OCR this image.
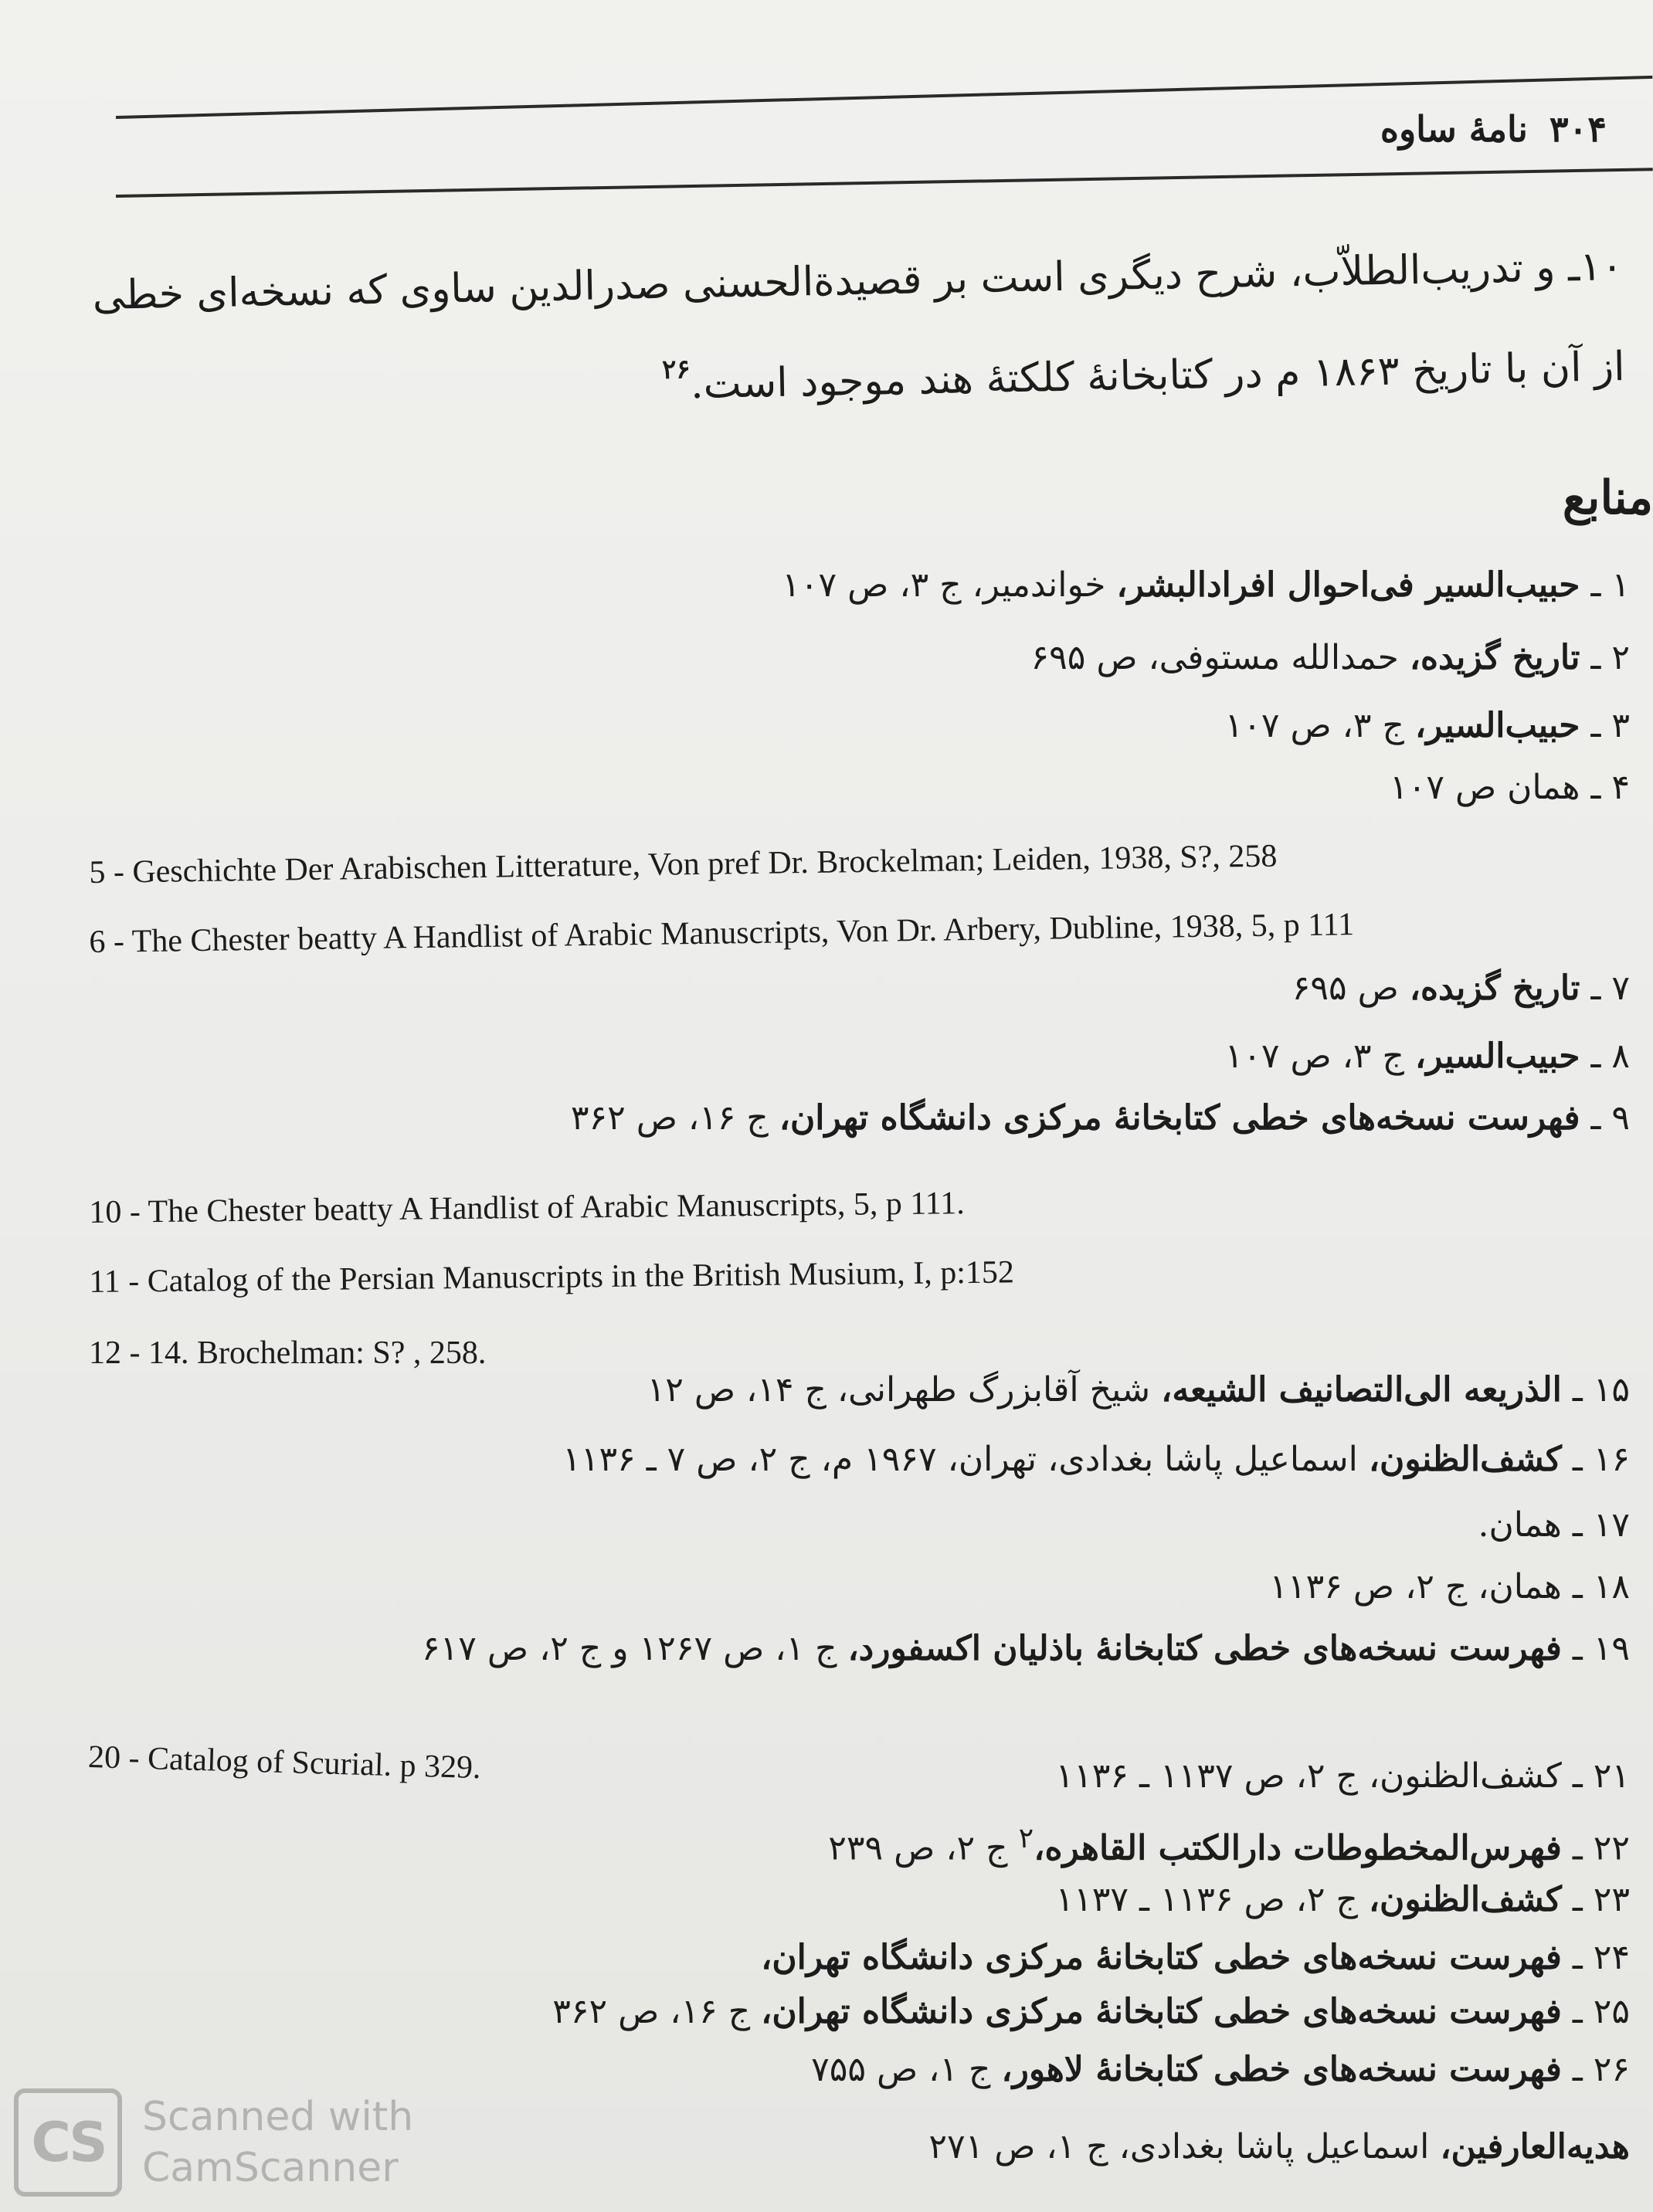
۳۰۴
نامهٔ ساوه
۱۰ـ و تدریب‌الطلاّب، شرح دیگری است بر قصیدةالحسنی صدرالدین ساوی که نسخه‌ای خطی
از آن با تاریخ ۱۸۶۳ م در کتابخانهٔ کلکتهٔ هند موجود است.$^{۲۶}$
منابع
۱ ـ حبیب‌السیر فی‌احوال افرادالبشر، خواندمیر، ج ۳، ص ۱۰۷
۲ ـ تاریخ گزیده، حمدالله مستوفی، ص ۶۹۵
۳ ـ حبیب‌السیر، ج ۳، ص ۱۰۷
۴ ـ همان ص ۱۰۷
5 - Geschichte Der Arabischen Litterature, Von pref Dr. Brockelman; Leiden, 1938, S?, 258
6 - The Chester beatty A Handlist of Arabic Manuscripts, Von Dr. Arbery, Dubline, 1938, 5, p 111
۷ ـ تاریخ گزیده، ص ۶۹۵
۸ ـ حبیب‌السیر، ج ۳، ص ۱۰۷
۹ ـ فهرست نسخه‌های خطی کتابخانهٔ مرکزی دانشگاه تهران، ج ۱۶، ص ۳۶۲
10 - The Chester beatty A Handlist of Arabic Manuscripts, 5, p 111.
11 - Catalog of the Persian Manuscripts in the British Musium, I, p:152
12 - 14. Brochelman: S? , 258.
۱۵ ـ الذریعه الی‌التصانیف الشیعه، شیخ آقابزرگ طهرانی، ج ۱۴، ص ۱۲
۱۶ ـ کشف‌الظنون، اسماعیل پاشا بغدادی، تهران، ۱۹۶۷ م، ج ۲، ص ۷ ـ ۱۱۳۶
۱۷ ـ همان.
۱۸ ـ همان، ج ۲، ص ۱۱۳۶
۱۹ ـ فهرست نسخه‌های خطی کتابخانهٔ باذلیان اکسفورد، ج ۱، ص ۱۲۶۷ و ج ۲، ص ۶۱۷
20 - Catalog of Scurial. p 329.	۲۱ ـ کشف‌الظنون، ج ۲، ص ۱۱۳۷ ـ ۱۱۳۶
۲۲ ـ فهرس‌المخطوطات دارالکتب القاهره،$^۲$ ج ۲، ص ۲۳۹
۲۳ ـ کشف‌الظنون، ج ۲، ص ۱۱۳۶ ـ ۱۱۳۷
۲۴ ـ فهرست نسخه‌های خطی کتابخانهٔ مرکزی دانشگاه تهران،
۲۵ ـ فهرست نسخه‌های خطی کتابخانهٔ مرکزی دانشگاه تهران، ج ۱۶، ص ۳۶۲
۲۶ ـ فهرست نسخه‌های خطی کتابخانهٔ لاهور، ج ۱، ص ۷۵۵
هدیه‌العارفین، اسماعیل پاشا بغدادی، ج ۱، ص ۲۷۱
CS Scanned with
CamScanner
